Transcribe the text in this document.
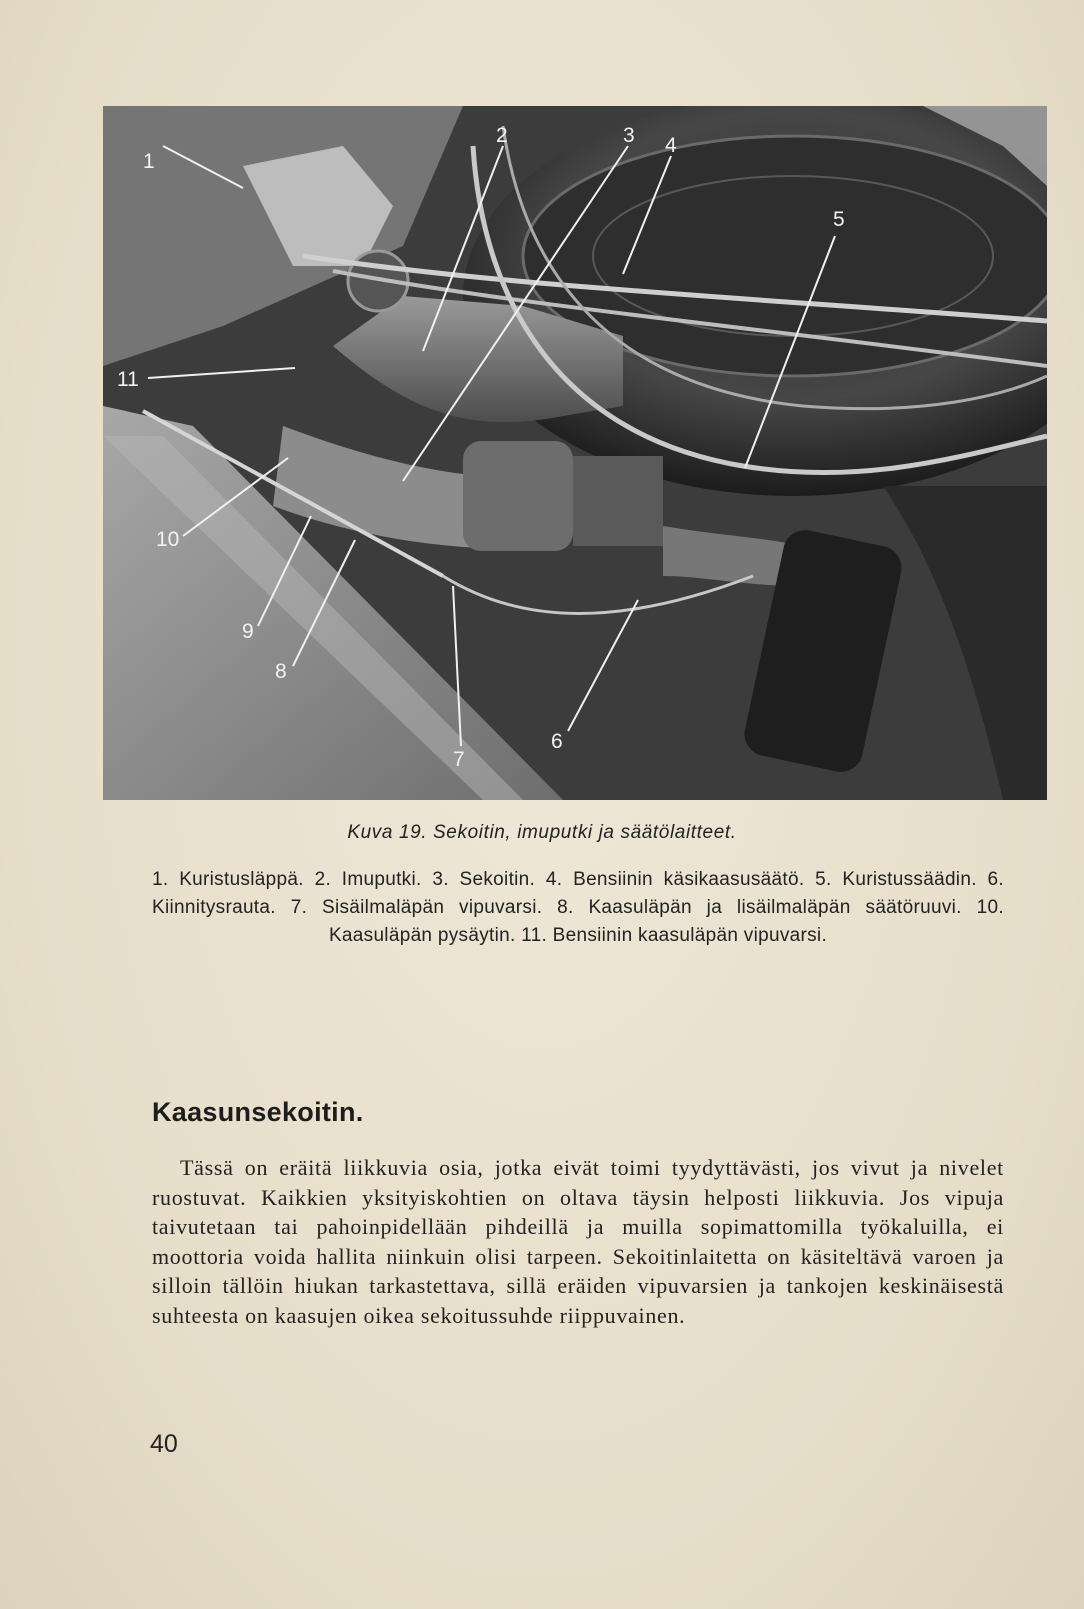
1
2	3 4
5
6
7
8
9
10
11
Kuva 19. Sekoitin, imuputki ja säätölaitteet.
1. Kuristusläppä. 2. Imuputki. 3. Sekoitin. 4. Bensiinin käsikaasusäätö. 5. Kuristussäädin. 6. Kiinnitysrauta. 7. Sisäilmaläpän vipuvarsi. 8. Kaasuläpän ja lisäilmaläpän säätöruuvi. 10. Kaasuläpän pysäytin. 11. Bensiinin kaasuläpän vipuvarsi.
Kaasunsekoitin.

Tässä on eräitä liikkuvia osia, jotka eivät toimi tyydyttävästi, jos vivut ja nivelet ruostuvat. Kaikkien yksityiskohtien on oltava täysin helposti liikkuvia. Jos vipuja taivutetaan tai pahoinpidellään pihdeillä ja muilla sopimattomilla työkaluilla, ei moottoria voida hallita niinkuin olisi tarpeen. Sekoitinlaitetta on käsiteltävä varoen ja silloin tällöin hiukan tarkastettava, sillä eräiden vipuvarsien ja tankojen keskinäisestä suhteesta on kaasujen oikea sekoitussuhde riippuvainen.

40
